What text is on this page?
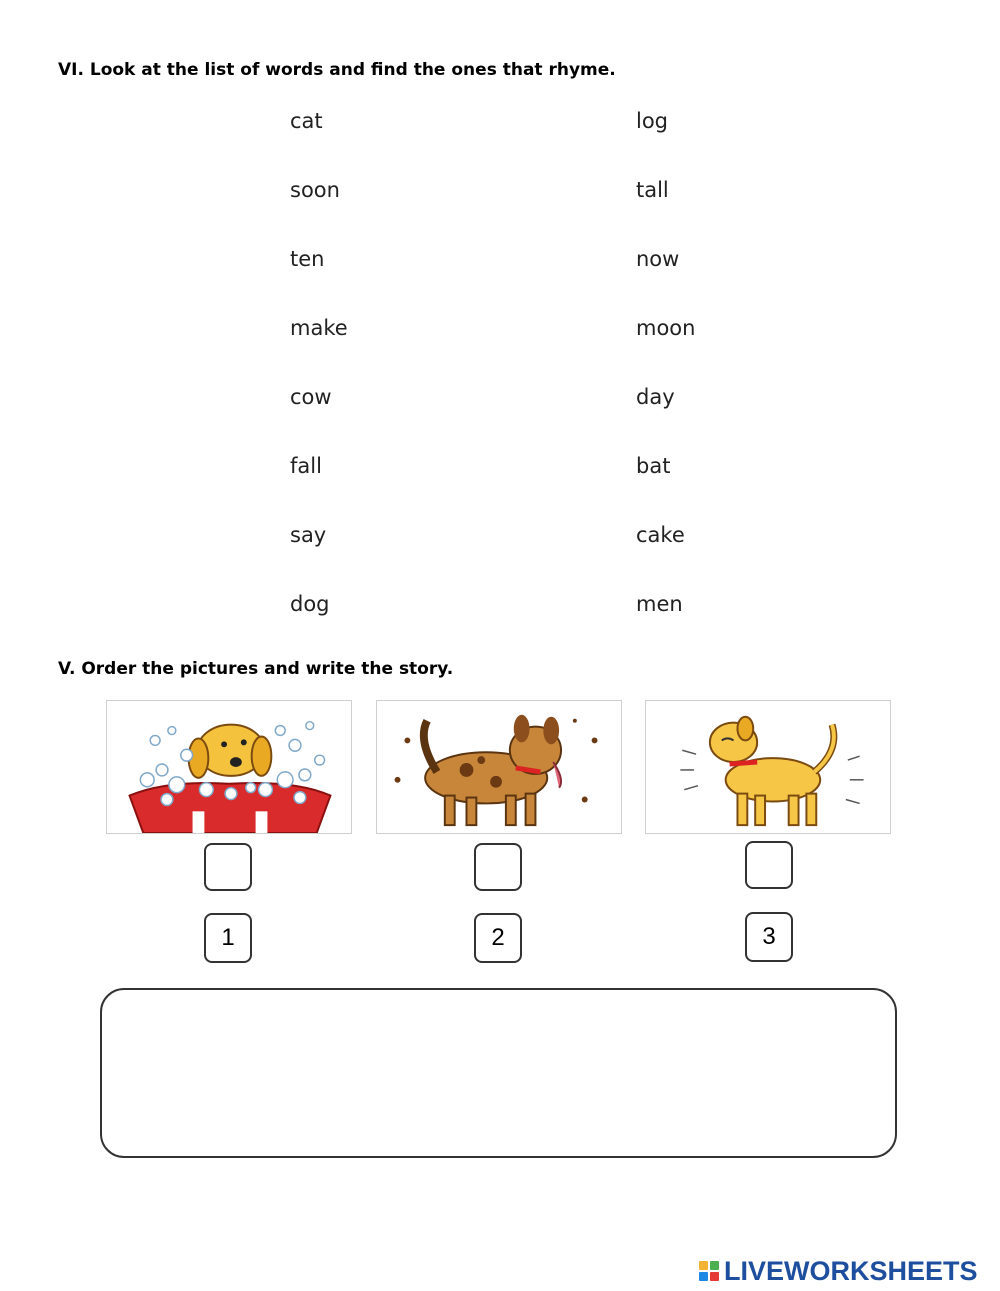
VI. Look at the list of words and find the ones that rhyme.
cat
soon
ten
make
cow
fall
say
dog
log
tall
now
moon
day
bat
cake
men
V. Order the pictures and write the story.
1	2	3
LIVEWORKSHEETS
